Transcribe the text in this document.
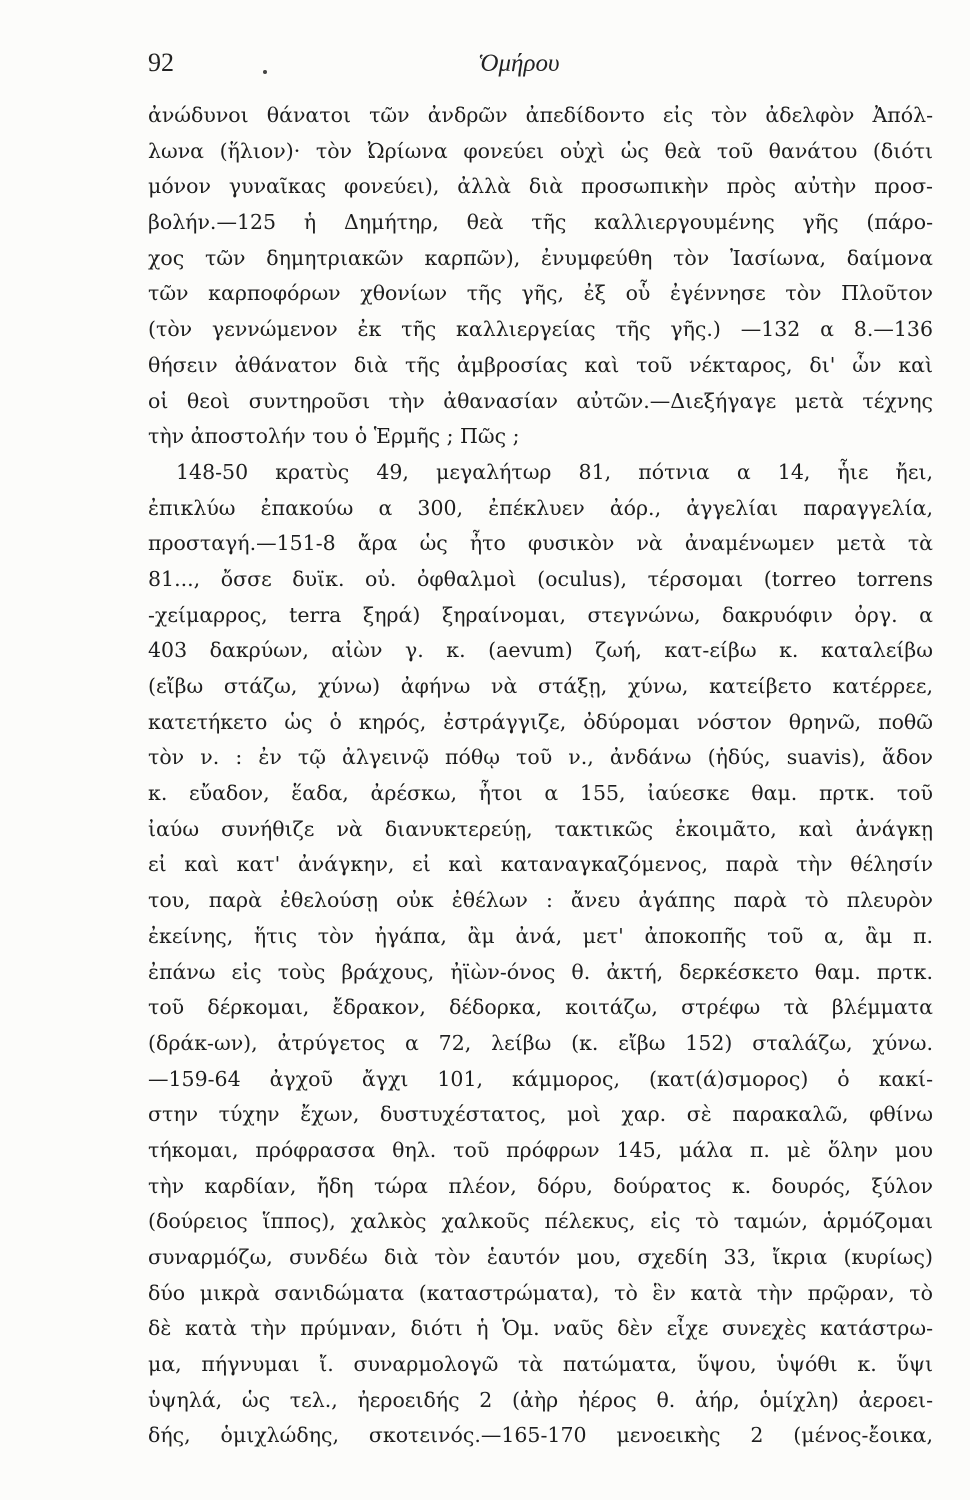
92	Ὁμήρου
ἀνώδυνοι θάνατοι τῶν ἀνδρῶν ἀπεδίδοντο εἰς τὸν ἀδελφὸν Ἀπόλ-
λωνα (ἥλιον)· τὸν Ὠρίωνα φονεύει οὐχὶ ὡς θεὰ τοῦ θανάτου (διότι
μόνον γυναῖκας φονεύει), ἀλλὰ διὰ προσωπικὴν πρὸς αὐτὴν προσ-
βολήν.—125 ἡ Δημήτηρ, θεὰ τῆς καλλιεργουμένης γῆς (πάρο-
χος τῶν δημητριακῶν καρπῶν), ἐνυμφεύθη τὸν Ἰασίωνα, δαίμονα
τῶν καρποφόρων χθονίων τῆς γῆς, ἐξ οὗ ἐγέννησε τὸν Πλοῦτον
(τὸν γεννώμενον ἐκ τῆς καλλιεργείας τῆς γῆς.) —132 α 8.—136
θήσειν ἀθάνατον διὰ τῆς ἀμβροσίας καὶ τοῦ νέκταρος, δι' ὧν καὶ
οἱ θεοὶ συντηροῦσι τὴν ἀθανασίαν αὐτῶν.—Διεξήγαγε μετὰ τέχνης
τὴν ἀποστολήν του ὁ Ἑρμῆς ; Πῶς ;
148-50 κρατὺς 49, μεγαλήτωρ 81, πότνια α 14, ἧιε ἤει,
ἐπικλύω ἐπακούω α 300, ἐπέκλυεν ἀόρ., ἀγγελίαι παραγγελία,
προσταγή.—151-8 ἄρα ὡς ἦτο φυσικὸν νὰ ἀναμένωμεν μετὰ τὰ
81..., ὄσσε δυϊκ. οὐ. ὀφθαλμοὶ (oculus), τέρσομαι (torreo torrens
-χείμαρρος, terra ξηρά) ξηραίνομαι, στεγνώνω, δακρυόφιν ὀργ. α
403 δακρύων, αἰὼν γ. κ. (aevum) ζωή, κατ-είβω κ. καταλείβω
(εἴβω στάζω, χύνω) ἀφήνω νὰ στάξῃ, χύνω, κατείβετο κατέρρεε,
κατετήκετο ὡς ὁ κηρός, ἐστράγγιζε, ὀδύρομαι νόστον θρηνῶ, ποθῶ
τὸν ν. : ἐν τῷ ἀλγεινῷ πόθῳ τοῦ ν., ἀνδάνω (ἡδύς, suavis), ἅδον
κ. εὔαδον, ἕαδα, ἀρέσκω, ἦτοι α 155, ἰαύεσκε θαμ. πρτκ. τοῦ
ἰαύω συνήθιζε νὰ διανυκτερεύῃ, τακτικῶς ἐκοιμᾶτο, καὶ ἀνάγκῃ
εἰ καὶ κατ' ἀνάγκην, εἰ καὶ καταναγκαζόμενος, παρὰ τὴν θέλησίν
του, παρὰ ἐθελούσῃ οὐκ ἐθέλων : ἄνευ ἀγάπης παρὰ τὸ πλευρὸν
ἐκείνης, ἥτις τὸν ἠγάπα, ἂμ ἀνά, μετ' ἀποκοπῆς τοῦ α, ἂμ π.
ἐπάνω εἰς τοὺς βράχους, ἠϊὼν-όνος θ. ἀκτή, δερκέσκετο θαμ. πρτκ.
τοῦ δέρκομαι, ἔδρακον, δέδορκα, κοιτάζω, στρέφω τὰ βλέμματα
(δράκ-ων), ἀτρύγετος α 72, λείβω (κ. εἴβω 152) σταλάζω, χύνω.
—159-64 ἀγχοῦ ἄγχι 101, κάμμορος, (κατ(ά)σμορος) ὁ κακί-
στην τύχην ἔχων, δυστυχέστατος, μοὶ χαρ. σὲ παρακαλῶ, φθίνω
τήκομαι, πρόφρασσα θηλ. τοῦ πρόφρων 145, μάλα π. μὲ ὅλην μου
τὴν καρδίαν, ἤδη τώρα πλέον, δόρυ, δούρατος κ. δουρός, ξύλον
(δούρειος ἵππος), χαλκὸς χαλκοῦς πέλεκυς, εἰς τὸ ταμών, ἁρμόζομαι
συναρμόζω, συνδέω διὰ τὸν ἑαυτόν μου, σχεδίη 33, ἴκρια (κυρίως)
δύο μικρὰ σανιδώματα (καταστρώματα), τὸ ἓν κατὰ τὴν πρῷραν, τὸ
δὲ κατὰ τὴν πρύμναν, διότι ἡ Ὁμ. ναῦς δὲν εἶχε συνεχὲς κατάστρω-
μα, πήγνυμαι ἴ. συναρμολογῶ τὰ πατώματα, ὕψου, ὑψόθι κ. ὕψι
ὑψηλά, ὡς τελ., ἠεροειδής 2 (ἀὴρ ἠέρος θ. ἀήρ, ὁμίχλη) ἀεροει-
δής, ὁμιχλώδης, σκοτεινός.—165-170 μενοεικὴς 2 (μένος-ἔοικα,
